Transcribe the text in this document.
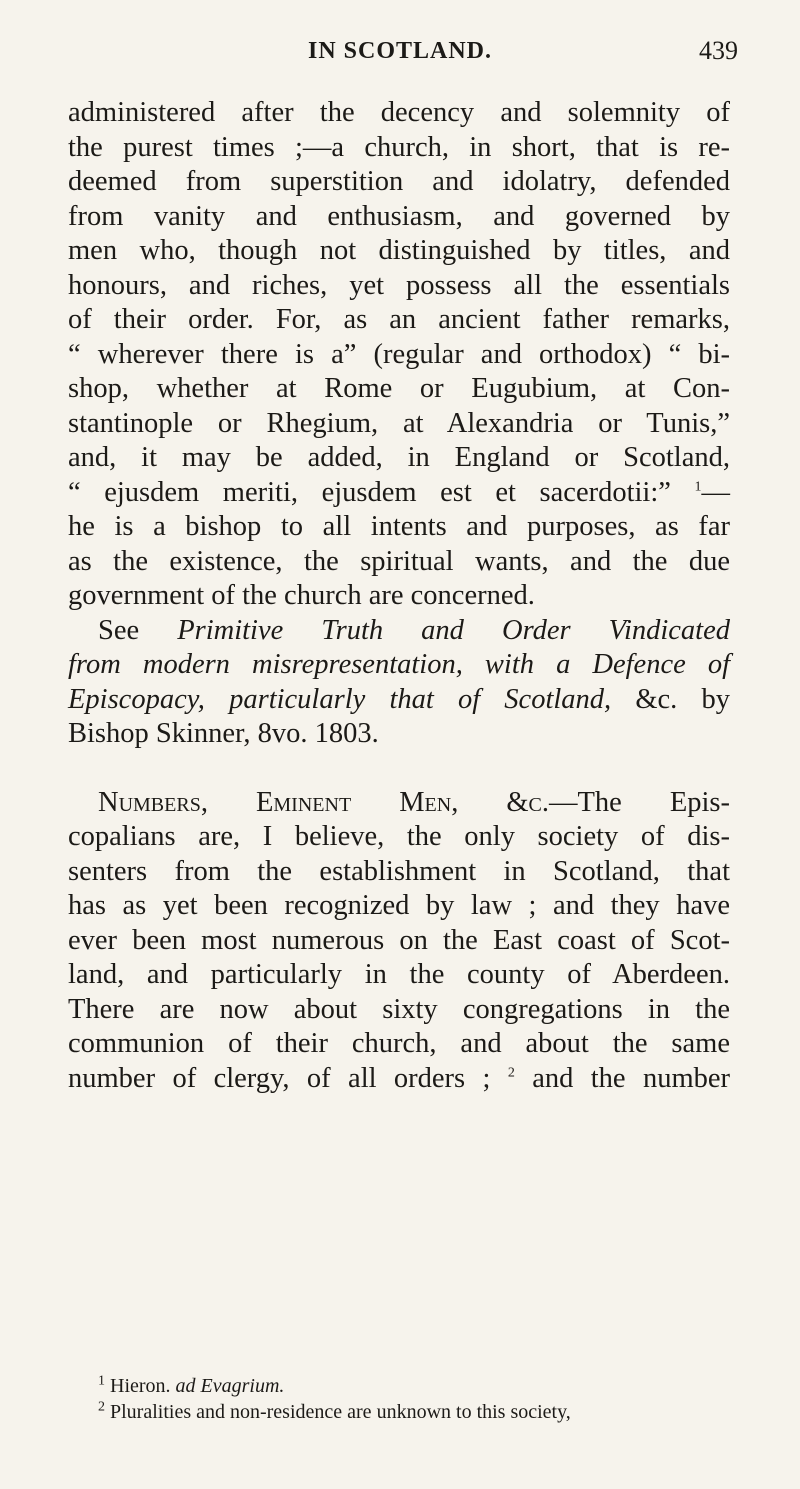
IN SCOTLAND.	439
administered after the decency and solemnity of
the purest times ;—a church, in short, that is re-
deemed from superstition and idolatry, defended
from vanity and enthusiasm, and governed by
men who, though not distinguished by titles, and
honours, and riches, yet possess all the essentials
of their order. For, as an ancient father remarks,
“ wherever there is a” (regular and orthodox) “ bi-
shop, whether at Rome or Eugubium, at Con-
stantinople or Rhegium, at Alexandria or Tunis,”
and, it may be added, in England or Scotland,
“ ejusdem meriti, ejusdem est et sacerdotii:” $^1$—
he is a bishop to all intents and purposes, as far
as the existence, the spiritual wants, and the due
government of the church are concerned.
See Primitive Truth and Order Vindicated
from modern misrepresentation, with a Defence of
Episcopacy, particularly that of Scotland, &c. by
Bishop Skinner, 8vo. 1803.
Numbers, Eminent Men, &c.—The Epis-
copalians are, I believe, the only society of dis-
senters from the establishment in Scotland, that
has as yet been recognized by law ; and they have
ever been most numerous on the East coast of Scot-
land, and particularly in the county of Aberdeen.
There are now about sixty congregations in the
communion of their church, and about the same
number of clergy, of all orders ; $^2$ and the number
$^1$ Hieron. ad Evagrium.
$^2$ Pluralities and non-residence are unknown to this society,
